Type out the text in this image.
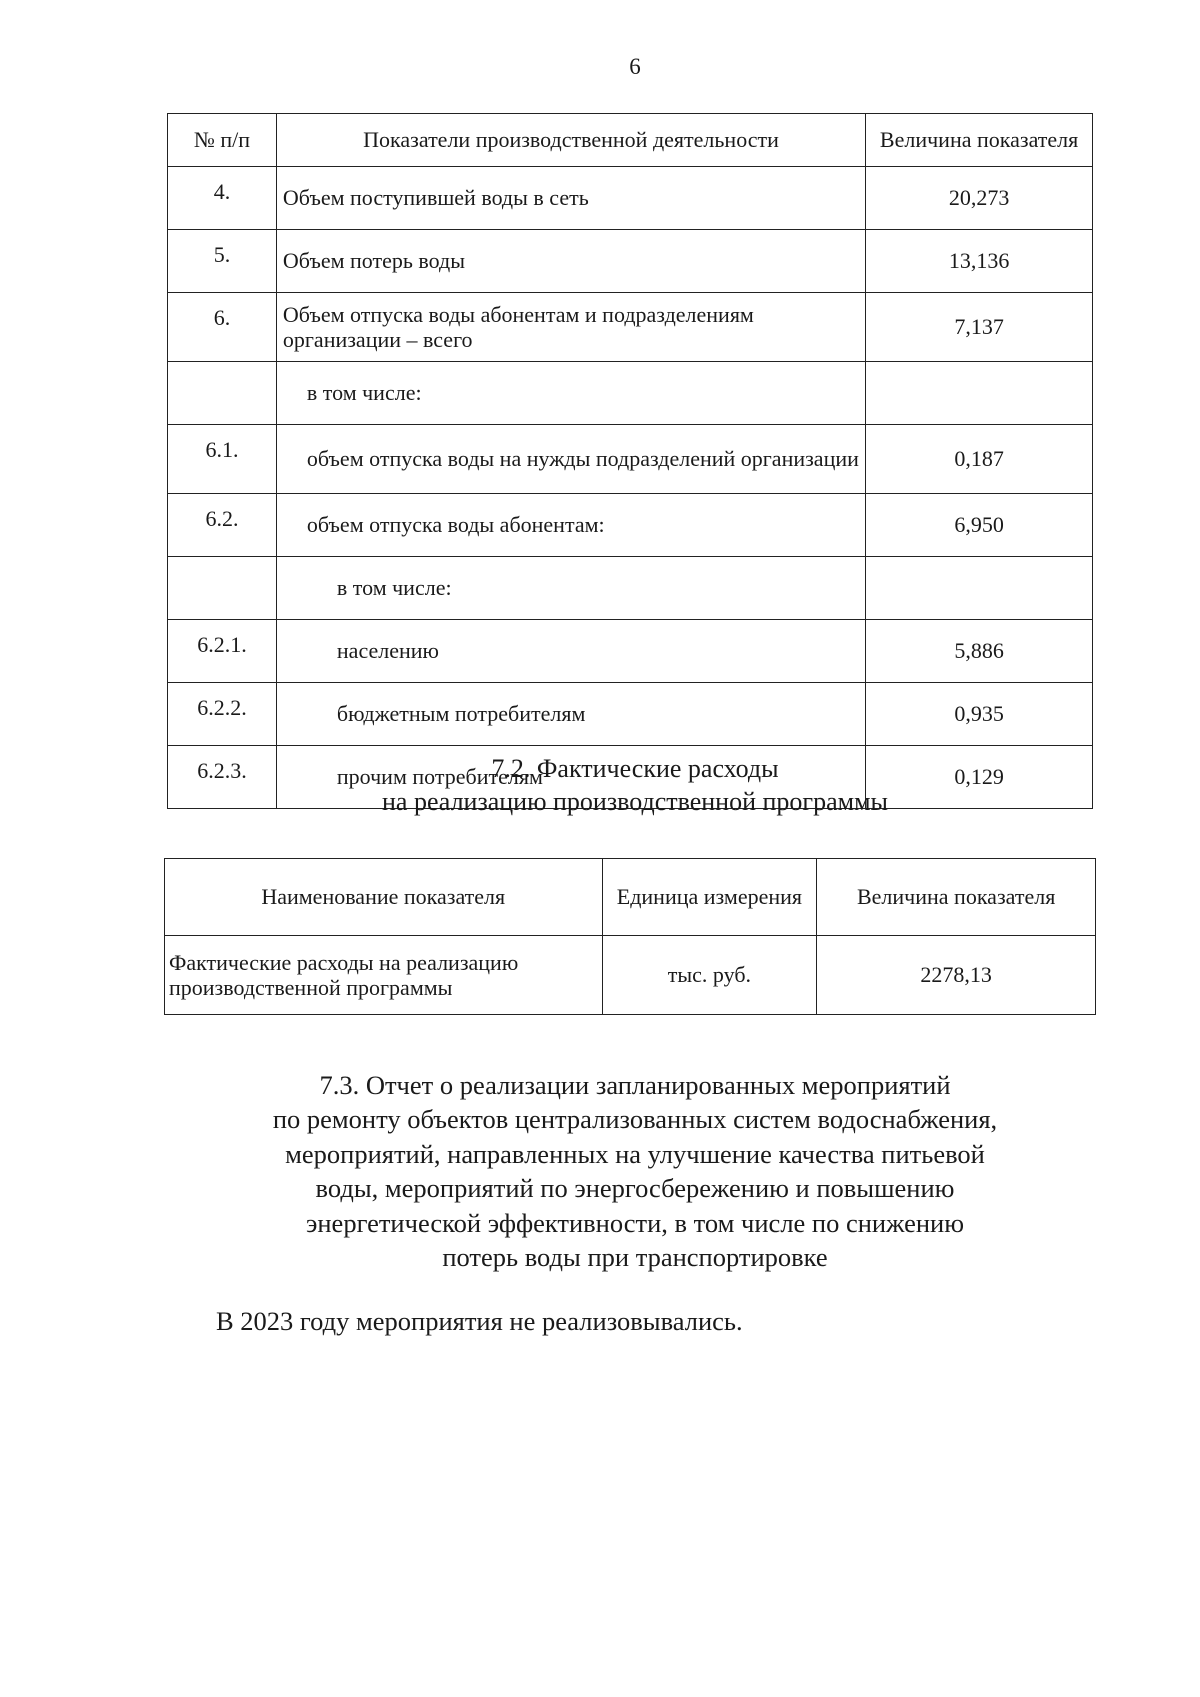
6
№ п/п	Показатели производственной деятельности	Величина показателя
4.	Объем поступившей воды в сеть	20,273
5.	Объем потерь воды	13,136
6.	Объем отпуска воды абонентам и подразделениям организации – всего	7,137
	в том числе:	
6.1.	объем отпуска воды на нужды подразделений организации	0,187
6.2.	объем отпуска воды абонентам:	6,950
	в том числе:	
6.2.1.	населению	5,886
6.2.2.	бюджетным потребителям	0,935
6.2.3.	прочим потребителям	0,129
7.2. Фактические расходы
на реализацию производственной программы
Наименование показателя	Единица измерения	Величина показателя
Фактические расходы на реализацию производственной программы	тыс. руб.	2278,13
7.3. Отчет о реализации запланированных мероприятий
по ремонту объектов централизованных систем водоснабжения,
мероприятий, направленных на улучшение качества питьевой
воды, мероприятий по энергосбережению и повышению
энергетической эффективности, в том числе по снижению
потерь воды при транспортировке
В 2023 году мероприятия не реализовывались.
